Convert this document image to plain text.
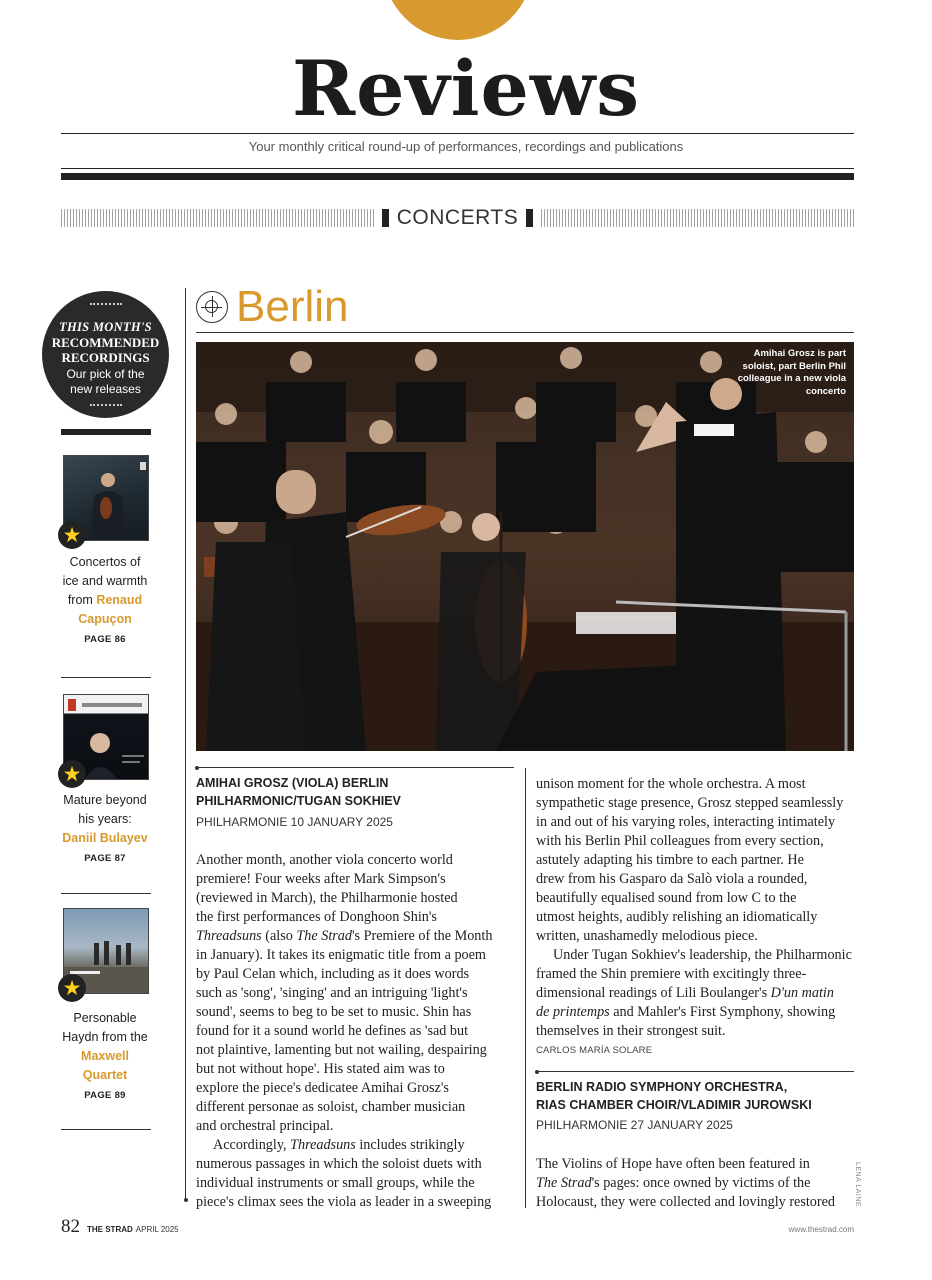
Reviews
Your monthly critical round-up of performances, recordings and publications
CONCERTS
THIS MONTH'S
RECOMMENDED
RECORDINGS
Our pick of the
new releases
★
Concertos of
ice and warmth
from Renaud
Capuçon
PAGE 86
★
Mature beyond
his years:
Daniil Bulayev
PAGE 87
★
Personable
Haydn from the
Maxwell
Quartet
PAGE 89
Berlin
Amihai Grosz is part soloist, part Berlin Phil colleague in a new viola concerto
AMIHAI GROSZ (VIOLA) BERLIN
PHILHARMONIC/TUGAN SOKHIEV
PHILHARMONIE 10 JANUARY 2025
Another month, another viola concerto world
premiere! Four weeks after Mark Simpson's
(reviewed in March), the Philharmonie hosted
the first performances of Donghoon Shin's
Threadsuns (also The Strad's Premiere of the Month
in January). It takes its enigmatic title from a poem
by Paul Celan which, including as it does words
such as 'song', 'singing' and an intriguing 'light's
sound', seems to beg to be set to music. Shin has
found for it a sound world he defines as 'sad but
not plaintive, lamenting but not wailing, despairing
but not without hope'. His stated aim was to
explore the piece's dedicatee Amihai Grosz's
different personae as soloist, chamber musician
and orchestral principal.
Accordingly, Threadsuns includes strikingly
numerous passages in which the soloist duets with
individual instruments or small groups, while the
piece's climax sees the viola as leader in a sweeping
unison moment for the whole orchestra. A most
sympathetic stage presence, Grosz stepped seamlessly
in and out of his varying roles, interacting intimately
with his Berlin Phil colleagues from every section,
astutely adapting his timbre to each partner. He
drew from his Gasparo da Salò viola a rounded,
beautifully equalised sound from low C to the
utmost heights, audibly relishing an idiomatically
written, unashamedly melodious piece.
Under Tugan Sokhiev's leadership, the Philharmonic
framed the Shin premiere with excitingly three-
dimensional readings of Lili Boulanger's D'un matin
de printemps and Mahler's First Symphony, showing
themselves in their strongest suit.
CARLOS MARÍA SOLARE
BERLIN RADIO SYMPHONY ORCHESTRA,
RIAS CHAMBER CHOIR/VLADIMIR JUROWSKI
PHILHARMONIE 27 JANUARY 2025
The Violins of Hope have often been featured in
The Strad's pages: once owned by victims of the
Holocaust, they were collected and lovingly restored	LENA LAINE
82 THE STRAD APRIL 2025	www.thestrad.com
